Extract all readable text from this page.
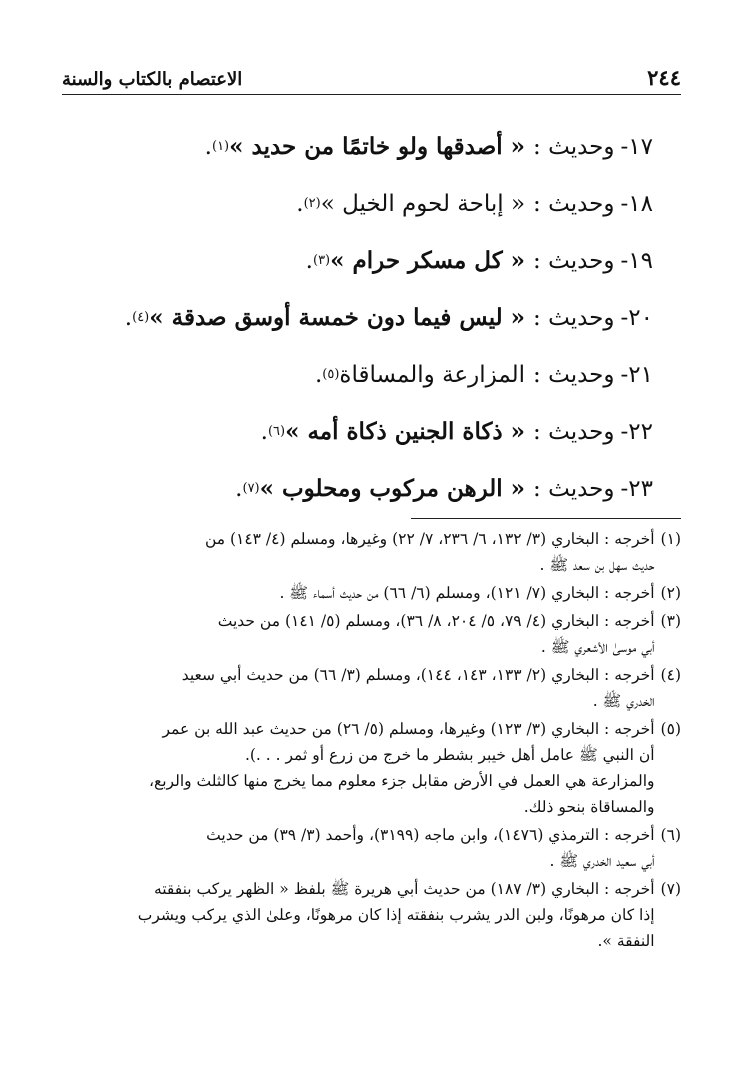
٢٤٤
الاعتصام بالكتاب والسنة
١٧-
وحديث :
« أصدقها ولو خاتمًا من حديد »
(١)
.
١٨-
وحديث :
« إباحة لحوم الخيل »
(٢)
.
١٩-
وحديث :
« كل مسكر حرام »
(٣)
.
٢٠-
وحديث :
« ليس فيما دون خمسة أوسق صدقة »
(٤)
.
٢١-
وحديث :
المزارعة والمساقاة
(٥)
.
٢٢-
وحديث :
« ذكاة الجنين ذكاة أمه »
(٦)
.
٢٣-
وحديث :
« الرهن مركوب ومحلوب »
(٧)
.
(١)
أخرجه : البخاري (٣/ ١٣٢، ٦/ ٢٣٦، ٧/ ٢٢) وغيرها، ومسلم (٤/ ١٤٣) من
حديث سهل بن سعد ﷺ .
(٢)
أخرجه : البخاري (٧/ ١٢١)، ومسلم (٦/ ٦٦) من حديث أسماء ﷺ .
(٣)
أخرجه : البخاري (٤/ ٧٩، ٥/ ٢٠٤، ٨/ ٣٦)، ومسلم (٥/ ١٤١) من حديث
أبي موسىٰ الأشعري ﷺ .
(٤)
أخرجه : البخاري (٢/ ١٣٣، ١٤٣، ١٤٤)، ومسلم (٣/ ٦٦) من حديث أبي سعيد
الخدري ﷺ .
(٥)
أخرجه : البخاري (٣/ ١٢٣) وغيرها، ومسلم (٥/ ٢٦) من حديث عبد الله بن عمر
أن النبي ﷺ عامل أهل خيبر بشطر ما خرج من زرع أو ثمر . . .).
والمزارعة هي العمل في الأرض مقابل جزء معلوم مما يخرج منها كالثلث والربع،
والمساقاة بنحو ذلك.
(٦)
أخرجه : الترمذي (١٤٧٦)، وابن ماجه (٣١٩٩)، وأحمد (٣/ ٣٩) من حديث
أبي سعيد الخدري ﷺ .
(٧)
أخرجه : البخاري (٣/ ١٨٧) من حديث أبي هريرة ﷺ بلفظ « الظهر يركب بنفقته
إذا كان مرهونًا، ولبن الدر يشرب بنفقته إذا كان مرهونًا، وعلىٰ الذي يركب ويشرب
النفقة ».
